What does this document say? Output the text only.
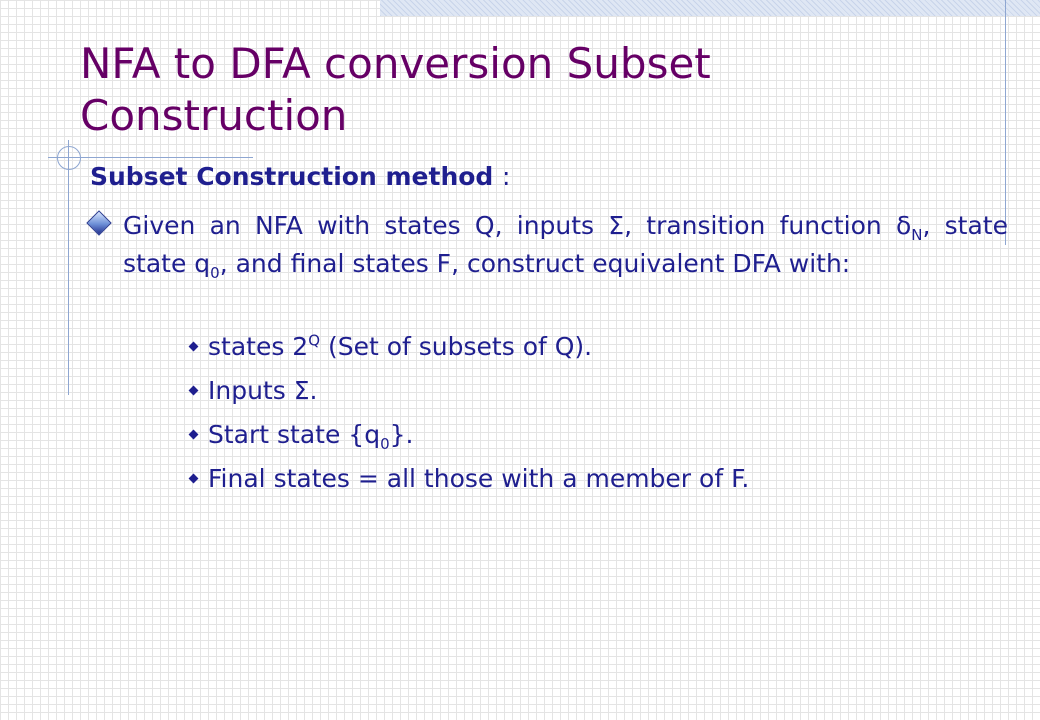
NFA to DFA conversion Subset Construction
Subset Construction method :
Given an NFA with states Q, inputs Σ, transition function $\delta_N$, state state $q_0$, and final states F, construct equivalent DFA with:
states $2^Q$ (Set of subsets of Q).
Inputs Σ.
Start state $\{q_0\}$.
Final states = all those with a member of F.
